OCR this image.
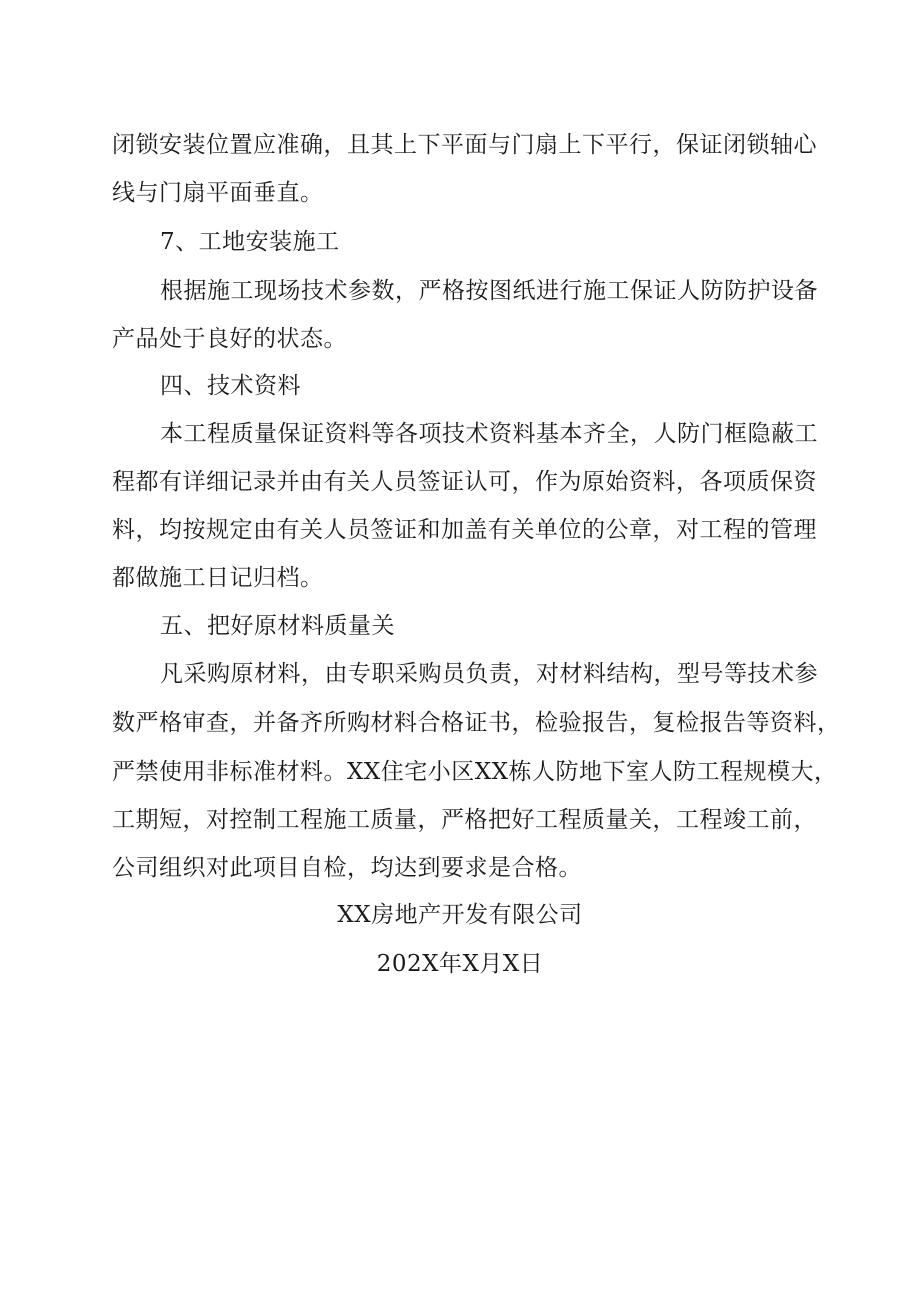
闭锁安装位置应准确，且其上下平面与门扇上下平行，保证闭锁轴心
线与门扇平面垂直。
7、工地安装施工
根据施工现场技术参数，严格按图纸进行施工保证人防防护设备
产品处于良好的状态。
四、技术资料
本工程质量保证资料等各项技术资料基本齐全，人防门框隐蔽工
程都有详细记录并由有关人员签证认可，作为原始资料，各项质保资
料，均按规定由有关人员签证和加盖有关单位的公章，对工程的管理
都做施工日记归档。
五、把好原材料质量关
凡采购原材料，由专职采购员负责，对材料结构，型号等技术参
数严格审查，并备齐所购材料合格证书，检验报告，复检报告等资料，
严禁使用非标准材料。XX住宅小区XX栋人防地下室人防工程规模大，
工期短，对控制工程施工质量，严格把好工程质量关，工程竣工前，
公司组织对此项目自检，均达到要求是合格。
XX房地产开发有限公司
202X年X月X日
